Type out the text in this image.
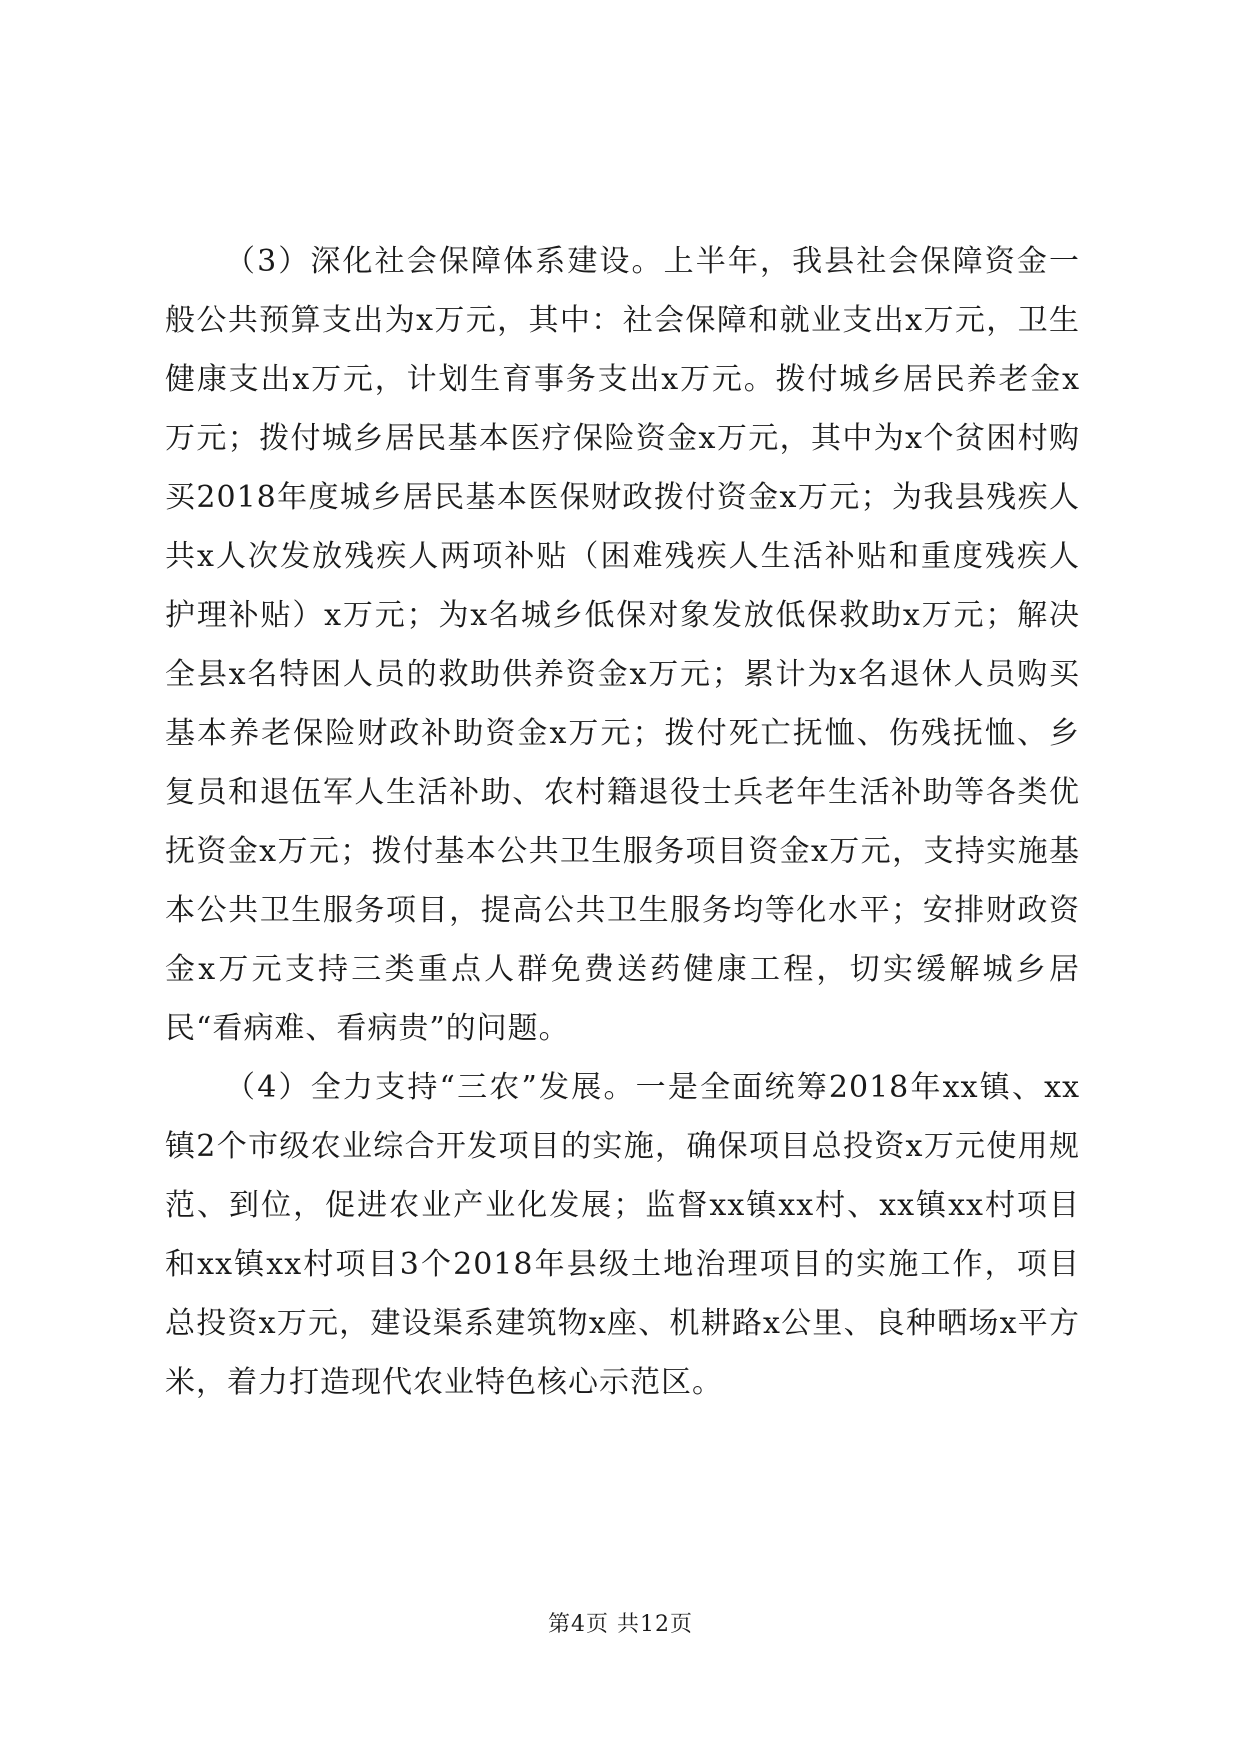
（3）深化社会保障体系建设。上半年，我县社会保障资金一般公共预算支出为x万元，其中：社会保障和就业支出x万元，卫生健康支出x万元，计划生育事务支出x万元。拨付城乡居民养老金x万元；拨付城乡居民基本医疗保险资金x万元，其中为x个贫困村购买2018年度城乡居民基本医保财政拨付资金x万元；为我县残疾人共x人次发放残疾人两项补贴（困难残疾人生活补贴和重度残疾人护理补贴）x万元；为x名城乡低保对象发放低保救助x万元；解决全县x名特困人员的救助供养资金x万元；累计为x名退休人员购买基本养老保险财政补助资金x万元；拨付死亡抚恤、伤残抚恤、乡复员和退伍军人生活补助、农村籍退役士兵老年生活补助等各类优抚资金x万元；拨付基本公共卫生服务项目资金x万元，支持实施基本公共卫生服务项目，提高公共卫生服务均等化水平；安排财政资金x万元支持三类重点人群免费送药健康工程，切实缓解城乡居民“看病难、看病贵”的问题。

（4）全力支持“三农”发展。一是全面统筹2018年xx镇、xx镇2个市级农业综合开发项目的实施，确保项目总投资x万元使用规范、到位，促进农业产业化发展；监督xx镇xx村、xx镇xx村项目和xx镇xx村项目3个2018年县级土地治理项目的实施工作，项目总投资x万元，建设渠系建筑物x座、机耕路x公里、良种晒场x平方米，着力打造现代农业特色核心示范区。

第4页 共12页
